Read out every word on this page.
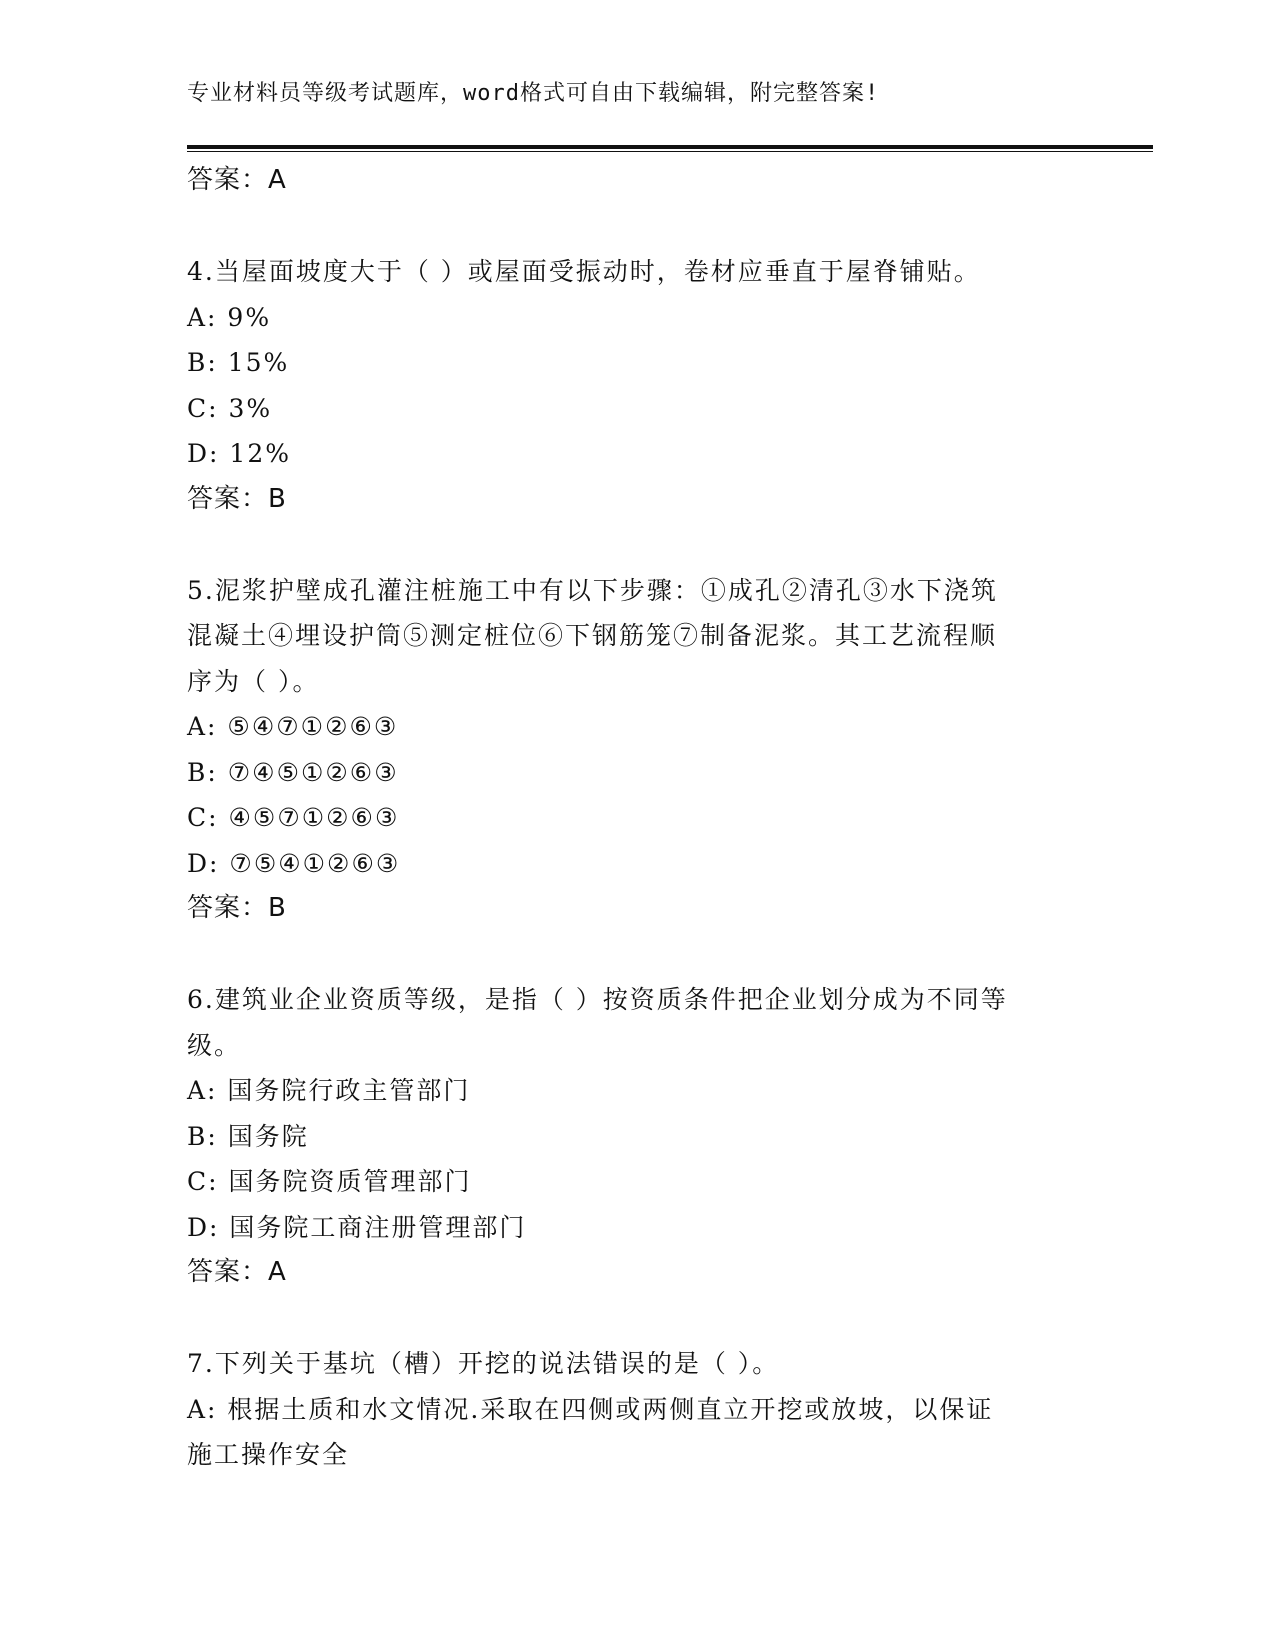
专业材料员等级考试题库，word格式可自由下载编辑，附完整答案!
答案：A
4.当屋面坡度大于（ ）或屋面受振动时，卷材应垂直于屋脊铺贴。
A: 9%
B: 15%
C: 3%
D: 12%
答案：B
5.泥浆护壁成孔灌注桩施工中有以下步骤：①成孔②清孔③水下浇筑
混凝土④埋设护筒⑤测定桩位⑥下钢筋笼⑦制备泥浆。其工艺流程顺
序为（ ）。
A: ⑤④⑦①②⑥③
B: ⑦④⑤①②⑥③
C: ④⑤⑦①②⑥③
D: ⑦⑤④①②⑥③
答案：B
6.建筑业企业资质等级，是指（ ）按资质条件把企业划分成为不同等
级。
A: 国务院行政主管部门
B: 国务院
C: 国务院资质管理部门
D: 国务院工商注册管理部门
答案：A
7.下列关于基坑（槽）开挖的说法错误的是（ ）。
A: 根据土质和水文情况.采取在四侧或两侧直立开挖或放坡，以保证
施工操作安全
